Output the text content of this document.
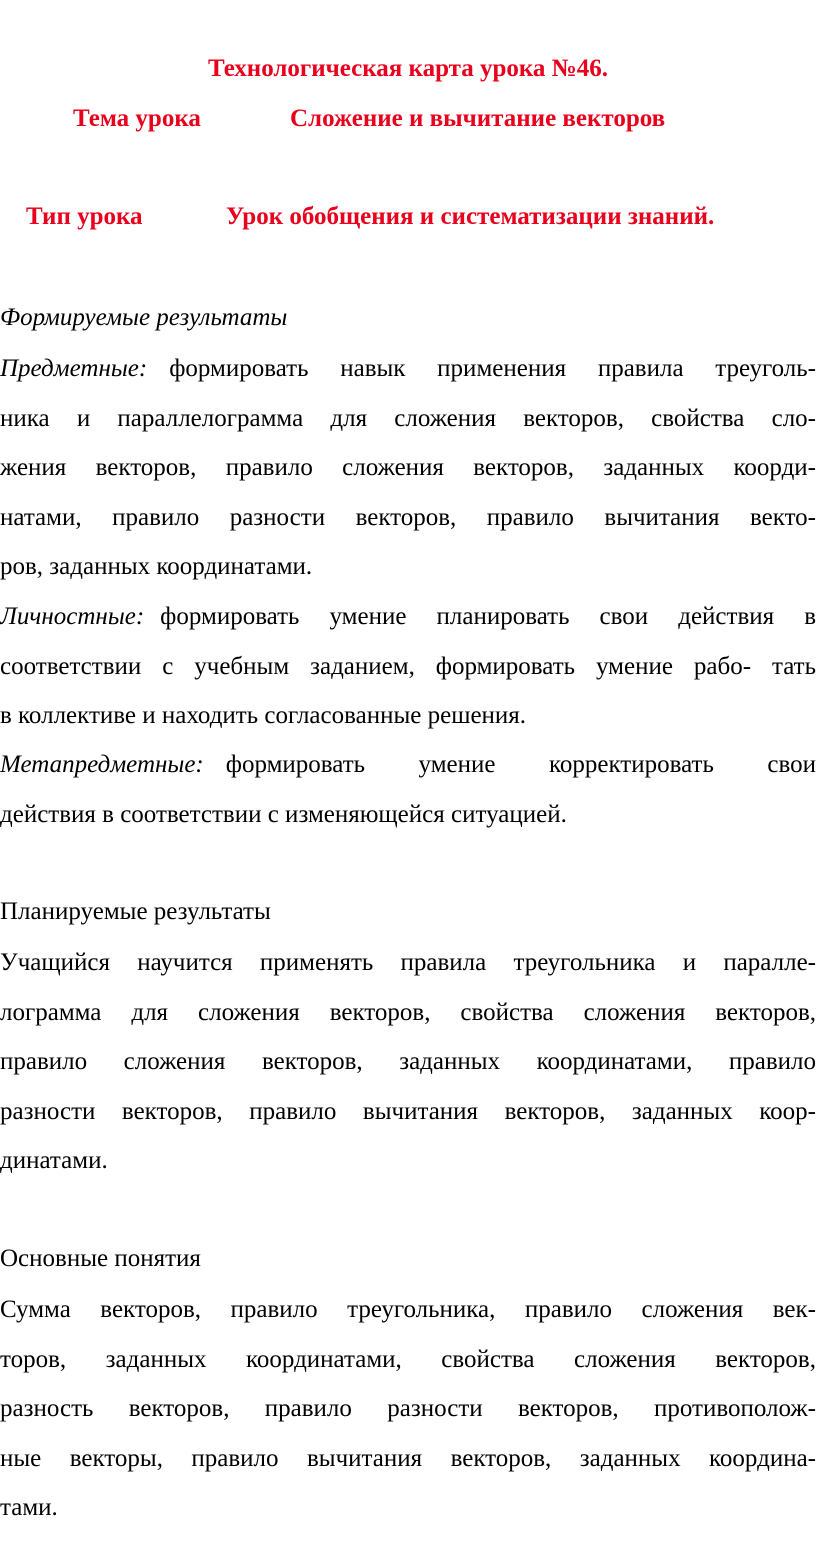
Технологическая карта урока №46.
Тема урока	Сложение и вычитание векторов
Тип урока	Урок обобщения и систематизации знаний.
Формируемые результаты
Предметные: формировать навык применения правила треуголь-
ника и параллелограмма для сложения векторов, свойства сло-
жения векторов, правило сложения векторов, заданных коорди-
натами, правило разности векторов, правило вычитания векто-
ров, заданных координатами.
Личностные: формировать умение планировать свои действия в
соответствии с учебным заданием, формировать умение рабо- тать
в коллективе и находить согласованные решения.
Метапредметные: формировать умение корректировать свои
действия в соответствии с изменяющейся ситуацией.
Планируемые результаты
Учащийся научится применять правила треугольника и паралле-
лограмма для сложения векторов, свойства сложения векторов,
правило сложения векторов, заданных координатами, правило
разности векторов, правило вычитания векторов, заданных коор-
динатами.
Основные понятия
Сумма векторов, правило треугольника, правило сложения век-
торов, заданных координатами, свойства сложения векторов,
разность векторов, правило разности векторов, противополож-
ные векторы, правило вычитания векторов, заданных координа-
тами.
